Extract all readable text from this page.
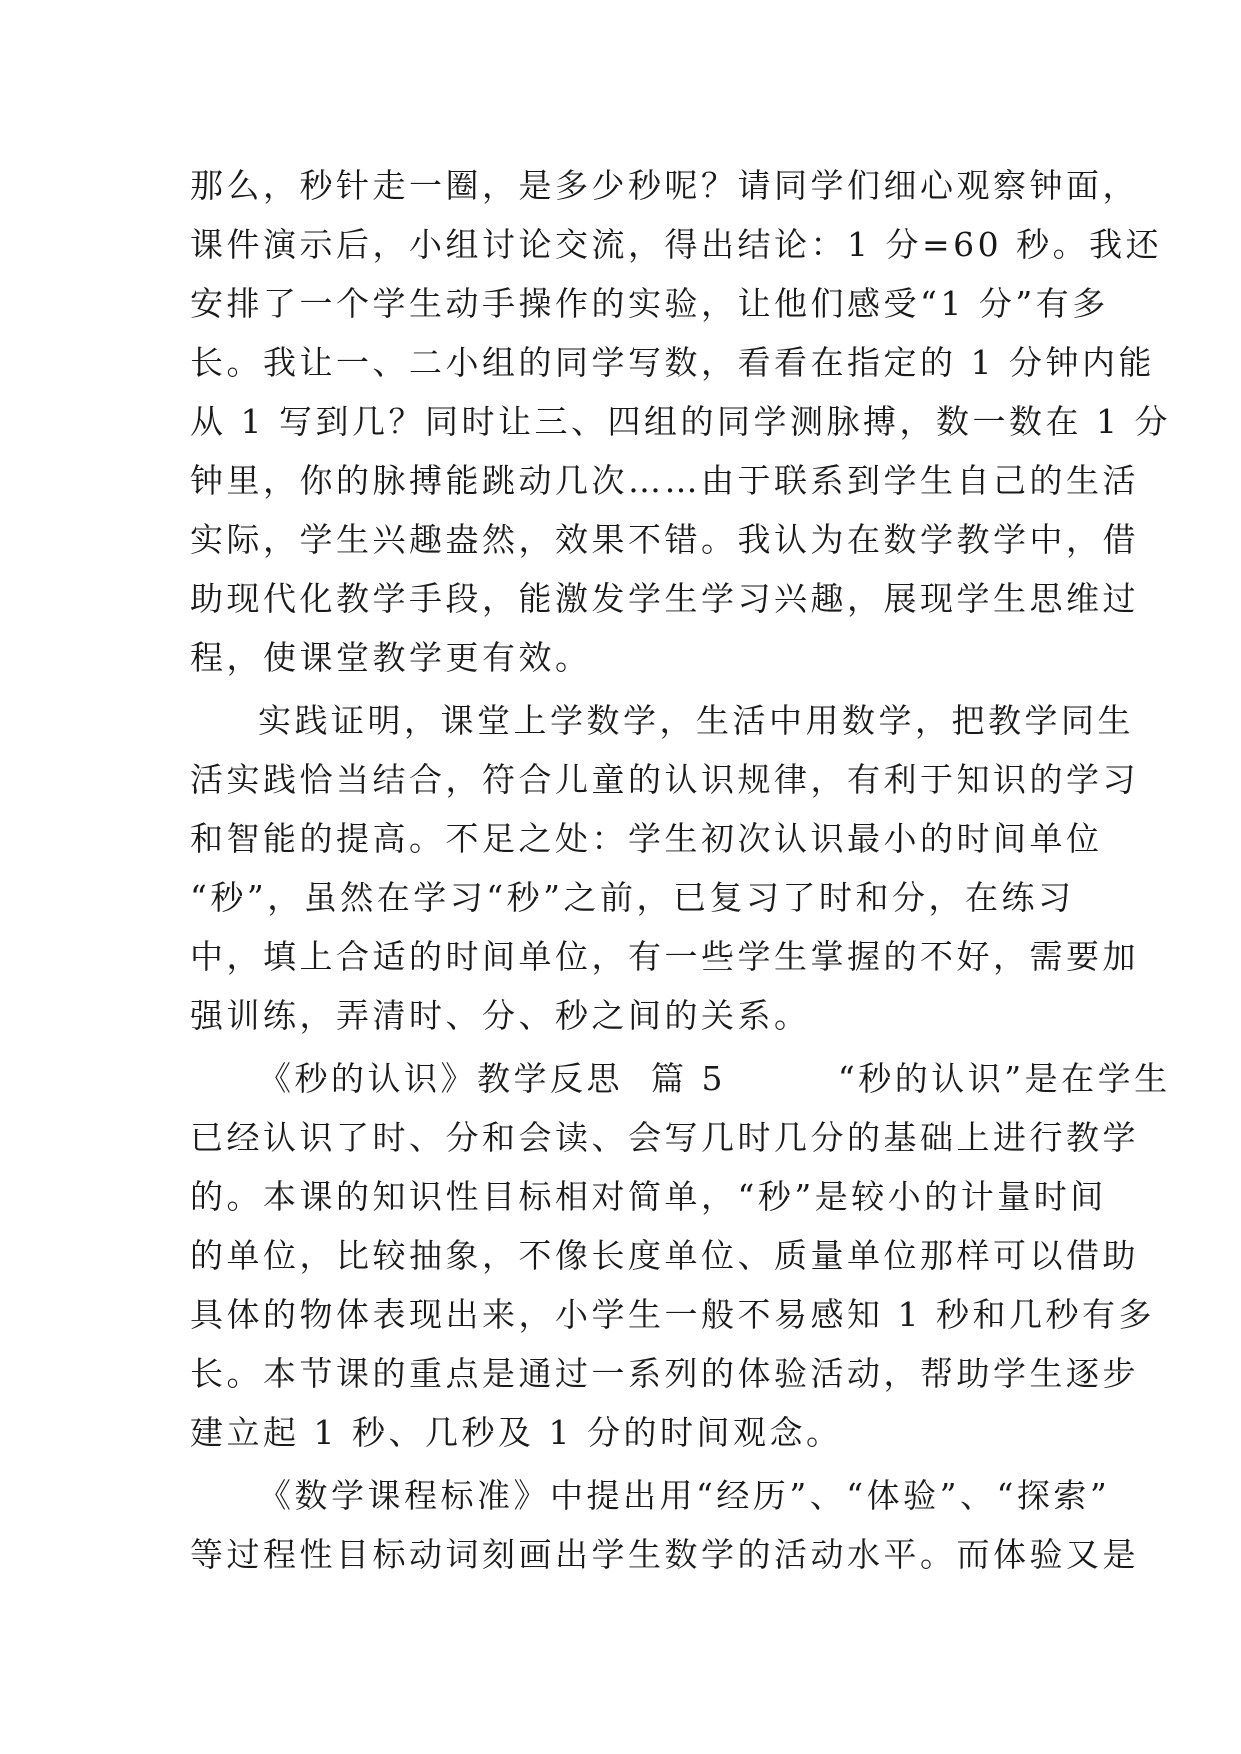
那么，秒针走一圈，是多少秒呢？请同学们细心观察钟面，
课件演示后，小组讨论交流，得出结论：1 分=60 秒。我还
安排了一个学生动手操作的实验，让他们感受“1 分”有多
长。我让一、二小组的同学写数，看看在指定的 1 分钟内能
从 1 写到几？同时让三、四组的同学测脉搏，数一数在 1 分
钟里，你的脉搏能跳动几次……由于联系到学生自己的生活
实际，学生兴趣盎然，效果不错。我认为在数学教学中，借
助现代化教学手段，能激发学生学习兴趣，展现学生思维过
程，使课堂教学更有效。
实践证明，课堂上学数学，生活中用数学，把教学同生
活实践恰当结合，符合儿童的认识规律，有利于知识的学习
和智能的提高。不足之处：学生初次认识最小的时间单位
“秒”，虽然在学习“秒”之前，已复习了时和分，在练习
中，填上合适的时间单位，有一些学生掌握的不好，需要加
强训练，弄清时、分、秒之间的关系。
《秒的认识》教学反思  篇 5        “秒的认识”是在学生
已经认识了时、分和会读、会写几时几分的基础上进行教学
的。本课的知识性目标相对简单，“秒”是较小的计量时间
的单位，比较抽象，不像长度单位、质量单位那样可以借助
具体的物体表现出来，小学生一般不易感知 1 秒和几秒有多
长。本节课的重点是通过一系列的体验活动，帮助学生逐步
建立起 1 秒、几秒及 1 分的时间观念。
《数学课程标准》中提出用“经历”、“体验”、“探索”
等过程性目标动词刻画出学生数学的活动水平。而体验又是
